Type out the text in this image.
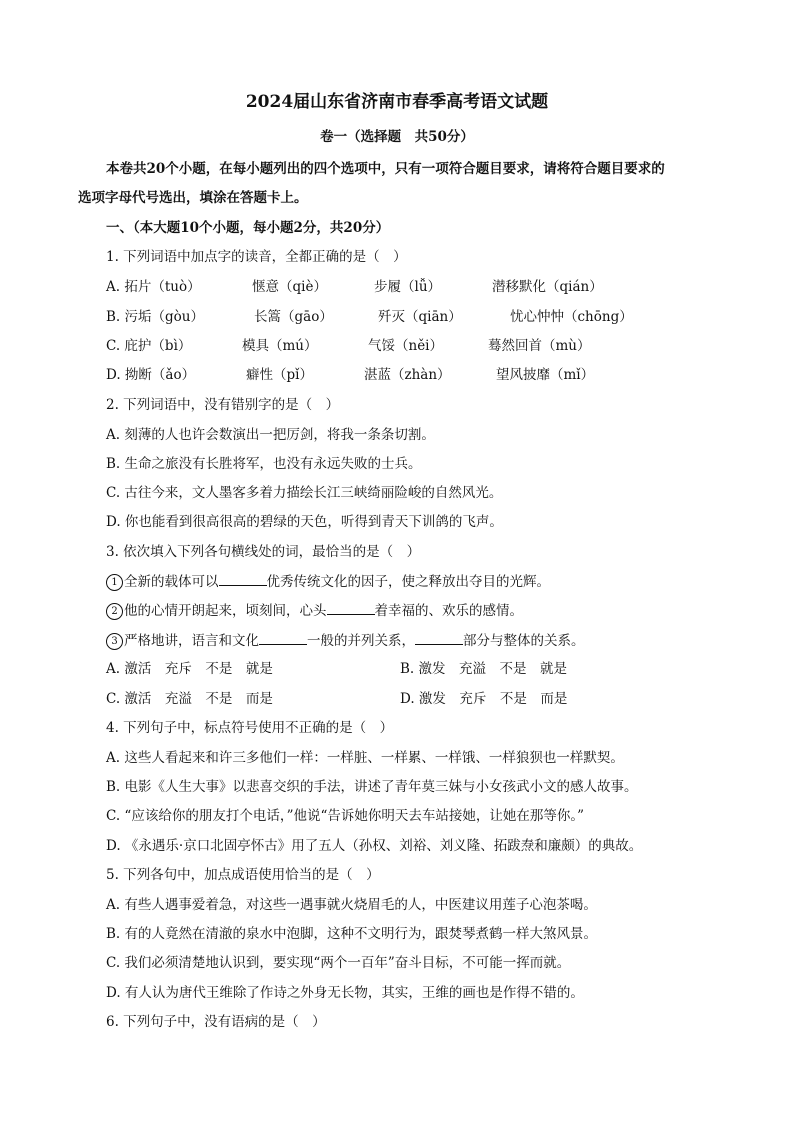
2024届山东省济南市春季高考语文试题
卷一（选择题　共50分）
本卷共20个小题，在每小题列出的四个选项中，只有一项符合题目要求，请将符合题目要求的
选项字母代号选出，填涂在答题卡上。
一、（本大题10个小题，每小题2分，共20分）
1. 下列词语中加点字的读音，全都正确的是（　）
A. 拓片（tuò）	惬意（qiè）	步履（lǚ）	潜移默化（qián）
B. 污垢（gòu）	长篙（gāo）	歼灭（qiān）	忧心忡忡（chōng）
C. 庇护（bì）	模具（mú）	气馁（něi）	蓦然回首（mù）
D. 拗断（ǎo）	癖性（pǐ）	湛蓝（zhàn）	望风披靡（mǐ）
2. 下列词语中，没有错别字的是（　）
A. 刻薄的人也许会数演出一把厉剑，将我一条条切割。
B. 生命之旅没有长胜将军，也没有永远失败的士兵。
C. 古往今来，文人墨客多着力描绘长江三峡绮丽险峻的自然风光。
D. 你也能看到很高很高的碧绿的天色，听得到青天下训鸽的飞声。
3. 依次填入下列各句横线处的词，最恰当的是（　）
1 全新的载体可以	优秀传统文化的因子，使之释放出夺目的光辉。
2 他的心情开朗起来，顷刻间，心头	着幸福的、欢乐的感情。
3 严格地讲，语言和文化	一般的并列关系，	部分与整体的关系。
A. 激活　充斥　不是　就是	B. 激发　充溢　不是　就是
C. 激活　充溢　不是　而是	D. 激发　充斥　不是　而是
4. 下列句子中，标点符号使用不正确的是（　）
A. 这些人看起来和许三多他们一样：一样脏、一样累、一样饿、一样狼狈也一样默契。
B. 电影《人生大事》以悲喜交织的手法，讲述了青年莫三妹与小女孩武小文的感人故事。
C. “应该给你的朋友打个电话，”他说“告诉她你明天去车站接她，让她在那等你。”
D. 《永遇乐·京口北固亭怀古》用了五人（孙权、刘裕、刘义隆、拓跋焘和廉颇）的典故。
5. 下列各句中，加点成语使用恰当的是（　）
A. 有些人遇事爱着急，对这些一遇事就火烧眉毛的人，中医建议用莲子心泡茶喝。
B. 有的人竟然在清澈的泉水中泡脚，这种不文明行为，跟焚琴煮鹤一样大煞风景。
C. 我们必须清楚地认识到，要实现“两个一百年”奋斗目标，不可能一挥而就。
D. 有人认为唐代王维除了作诗之外身无长物，其实，王维的画也是作得不错的。
6. 下列句子中，没有语病的是（　）
